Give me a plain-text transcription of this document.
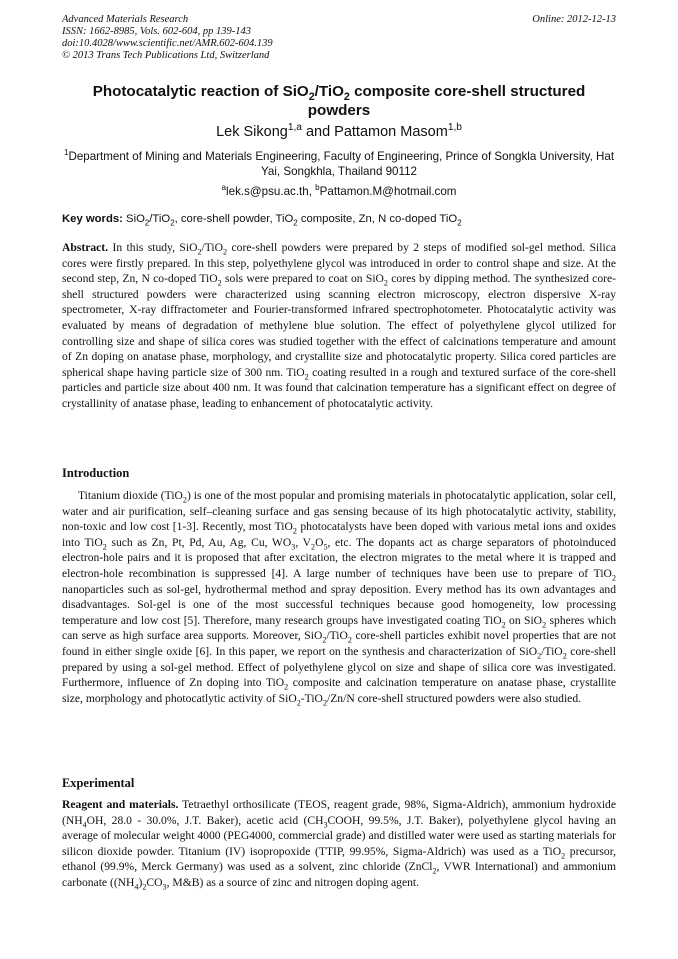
Advanced Materials Research
ISSN: 1662-8985, Vols. 602-604, pp 139-143
doi:10.4028/www.scientific.net/AMR.602-604.139
© 2013 Trans Tech Publications Ltd, Switzerland
Online: 2012-12-13
Photocatalytic reaction of SiO$_2$/TiO$_2$ composite core-shell structured powders
Lek Sikong$^{1,a}$ and Pattamon Masom$^{1,b}$
$^1$Department of Mining and Materials Engineering, Faculty of Engineering, Prince of Songkla University, Hat Yai, Songkhla, Thailand 90112
$^a$lek.s@psu.ac.th, $^b$Pattamon.M@hotmail.com
Key words: SiO$_2$/TiO$_2$, core-shell powder, TiO$_2$ composite, Zn, N co-doped TiO$_2$

Abstract. In this study, SiO$_2$/TiO$_2$ core-shell powders were prepared by 2 steps of modified sol-gel method. Silica cores were firstly prepared. In this step, polyethylene glycol was introduced in order to control shape and size. At the second step, Zn, N co-doped TiO$_2$ sols were prepared to coat on SiO$_2$ cores by dipping method. The synthesized core-shell structured powders were characterized using scanning electron microscopy, electron dispersive X-ray spectrometer, X-ray diffractometer and Fourier-transformed infrared spectrophotometer. Photocatalytic activity was evaluated by means of degradation of methylene blue solution. The effect of polyethylene glycol utilized for controlling size and shape of silica cores was studied together with the effect of calcinations temperature and amount of Zn doping on anatase phase, morphology, and crystallite size and photocatalytic property. Silica cored particles are spherical shape having particle size of 300 nm. TiO$_2$ coating resulted in a rough and textured surface of the core-shell particles and particle size about 400 nm. It was found that calcination temperature has a significant effect on degree of crystallinity of anatase phase, leading to enhancement of photocatalytic activity.

Introduction

Titanium dioxide (TiO$_2$) is one of the most popular and promising materials in photocatalytic application, solar cell, water and air purification, self–cleaning surface and gas sensing because of its high photocatalytic activity, stability, non-toxic and low cost [1-3]. Recently, most TiO$_2$ photocatalysts have been doped with various metal ions and oxides into TiO$_2$ such as Zn, Pt, Pd, Au, Ag, Cu, $WO_3$, $V_2O_5$, etc. The dopants act as charge separators of photoinduced electron-hole pairs and it is proposed that after excitation, the electron migrates to the metal where it is trapped and electron-hole recombination is suppressed [4]. A large number of techniques have been use to prepare of TiO$_2$ nanoparticles such as sol-gel, hydrothermal method and spray deposition. Every method has its own advantages and disadvantages. Sol-gel is one of the most successful techniques because good homogeneity, low processing temperature and low cost [5]. Therefore, many research groups have investigated coating TiO$_2$ on SiO$_2$ spheres which can serve as high surface area supports. Moreover, SiO$_2$/TiO$_2$ core-shell particles exhibit novel properties that are not found in either single oxide [6]. In this paper, we report on the synthesis and characterization of SiO$_2$/TiO$_2$ core-shell prepared by using a sol-gel method. Effect of polyethylene glycol on size and shape of silica core was investigated. Furthermore, influence of Zn doping into TiO$_2$ composite and calcination temperature on anatase phase, crystallite size, morphology and photocatlytic activity of SiO$_2$-TiO$_2$/Zn/N core-shell structured powders were also studied.

Experimental

Reagent and materials. Tetraethyl orthosilicate (TEOS, reagent grade, 98%, Sigma-Aldrich), ammonium hydroxide ($NH_4OH$, 28.0 - 30.0%, J.T. Baker), acetic acid ($CH_3COOH$, 99.5%, J.T. Baker), polyethylene glycol having an average of molecular weight 4000 (PEG4000, commercial grade) and distilled water were used as starting materials for silicon dioxide powder. Titanium (IV) isopropoxide (TTIP, 99.95%, Sigma-Aldrich) was used as a TiO$_2$ precursor, ethanol (99.9%, Merck Germany) was used as a solvent, zinc chloride (ZnCl$_2$, VWR International) and ammonium carbonate ($(NH_4)_2CO_3$, M&B) as a source of zinc and nitrogen doping agent.
